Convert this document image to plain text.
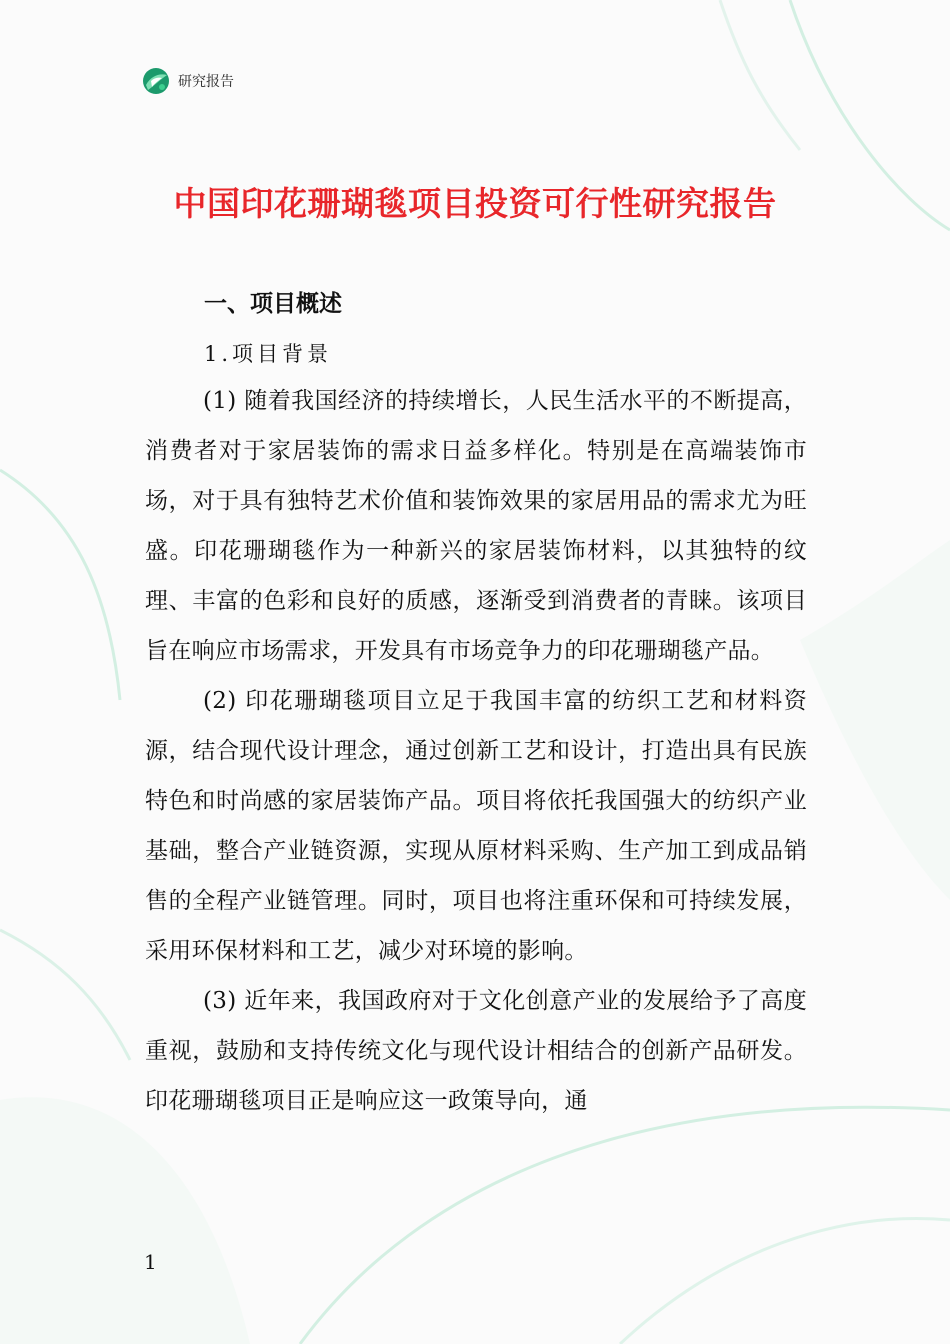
研究报告
中国印花珊瑚毯项目投资可行性研究报告
一、项目概述
1.项目背景

(1) 随着我国经济的持续增长，人民生活水平的不断提高，消费者对于家居装饰的需求日益多样化。特别是在高端装饰市场，对于具有独特艺术价值和装饰效果的家居用品的需求尤为旺盛。印花珊瑚毯作为一种新兴的家居装饰材料，以其独特的纹理、丰富的色彩和良好的质感，逐渐受到消费者的青睐。该项目旨在响应市场需求，开发具有市场竞争力的印花珊瑚毯产品。

(2) 印花珊瑚毯项目立足于我国丰富的纺织工艺和材料资源，结合现代设计理念，通过创新工艺和设计，打造出具有民族特色和时尚感的家居装饰产品。项目将依托我国强大的纺织产业基础，整合产业链资源，实现从原材料采购、生产加工到成品销售的全程产业链管理。同时，项目也将注重环保和可持续发展，采用环保材料和工艺，减少对环境的影响。

(3) 近年来，我国政府对于文化创意产业的发展给予了高度重视，鼓励和支持传统文化与现代设计相结合的创新产品研发。印花珊瑚毯项目正是响应这一政策导向，通

1
